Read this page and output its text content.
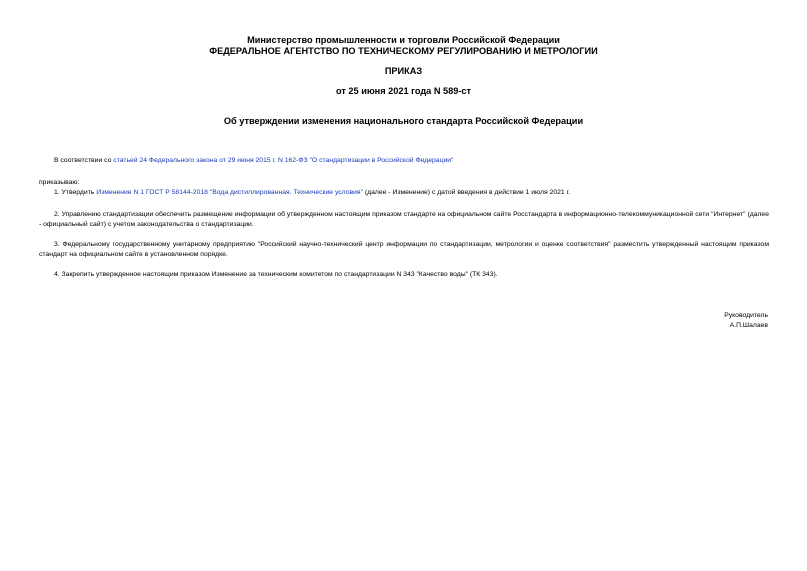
Министерство промышленности и торговли Российской Федерации
ФЕДЕРАЛЬНОЕ АГЕНТСТВО ПО ТЕХНИЧЕСКОМУ РЕГУЛИРОВАНИЮ И МЕТРОЛОГИИ
ПРИКАЗ
от 25 июня 2021 года N 589-ст
Об утверждении изменения национального стандарта Российской Федерации
В соответствии со статьей 24 Федерального закона от 29 июня 2015 г. N 162-ФЗ "О стандартизации в Российской Федерации"
приказываю:
1. Утвердить Изменение N 1 ГОСТ Р 58144-2018 "Вода дистиллированная. Технические условия" (далее - Изменение) с датой введения в действие 1 июля 2021 г.
2. Управлению стандартизации обеспечить размещение информации об утвержденном настоящим приказом стандарте на официальном сайте Росстандарта в информационно-телекоммуникационной сети "Интернет" (далее - официальный сайт) с учетом законодательства о стандартизации.
3. Федеральному государственному унитарному предприятию "Российский научно-технический центр информации по стандартизации, метрологии и оценке соответствия" разместить утвержденный настоящим приказом стандарт на официальном сайте в установленном порядке.
4. Закрепить утвержденное настоящим приказом Изменение за техническим комитетом по стандартизации N 343 "Качество воды" (ТК 343).
Руководитель
А.П.Шалаев
